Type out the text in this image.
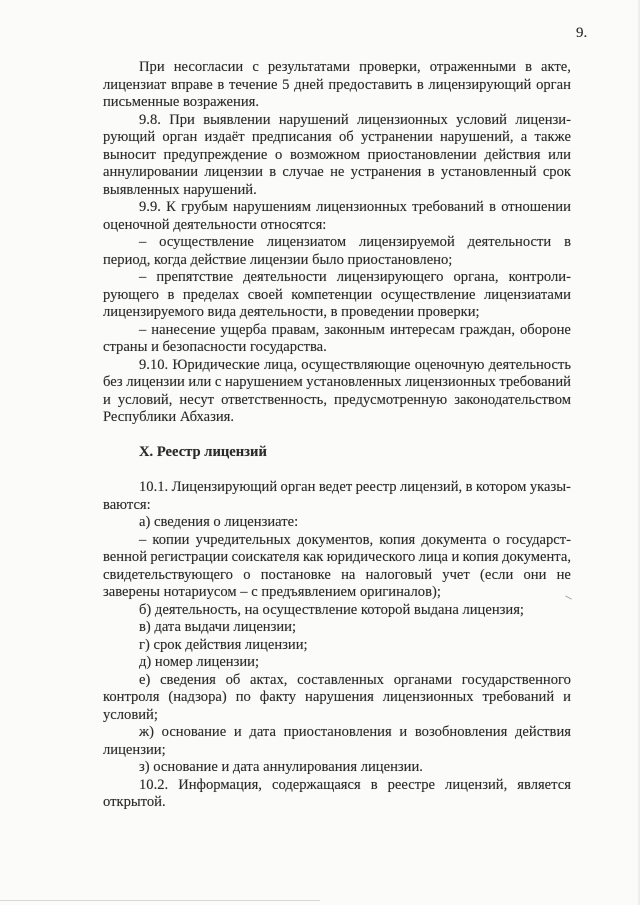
9.
При несогласии с результатами проверки, отраженными в акте,
лицензиат вправе в течение 5 дней предоставить в лицензирующий орган
письменные возражения.
9.8. При выявлении нарушений лицензионных условий лицензи-
рующий орган издаёт предписания об устранении нарушений, а также
выносит предупреждение о возможном приостановлении действия или
аннулировании лицензии в случае не устранения в установленный срок
выявленных нарушений.
9.9. К грубым нарушениям лицензионных требований в отношении
оценочной деятельности относятся:
– осуществление лицензиатом лицензируемой деятельности в
период, когда действие лицензии было приостановлено;
– препятствие деятельности лицензирующего органа, контроли-
рующего в пределах своей компетенции осуществление лицензиатами
лицензируемого вида деятельности, в проведении проверки;
– нанесение ущерба правам, законным интересам граждан, обороне
страны и безопасности государства.
9.10. Юридические лица, осуществляющие оценочную деятельность
без лицензии или с нарушением установленных лицензионных требований
и условий, несут ответственность, предусмотренную законодательством
Республики Абхазия.
X. Реестр лицензий
10.1. Лицензирующий орган ведет реестр лицензий, в котором указы-
ваются:
а) сведения о лицензиате:
– копии учредительных документов, копия документа о государст-
венной регистрации соискателя как юридического лица и копия документа,
свидетельствующего о постановке на налоговый учет (если они не
заверены нотариусом – с предъявлением оригиналов);
б) деятельность, на осуществление которой выдана лицензия;
в) дата выдачи лицензии;
г) срок действия лицензии;
д) номер лицензии;
е) сведения об актах, составленных органами государственного
контроля (надзора) по факту нарушения лицензионных требований и
условий;
ж) основание и дата приостановления и возобновления действия
лицензии;
з) основание и дата аннулирования лицензии.
10.2. Информация, содержащаяся в реестре лицензий, является
открытой.
